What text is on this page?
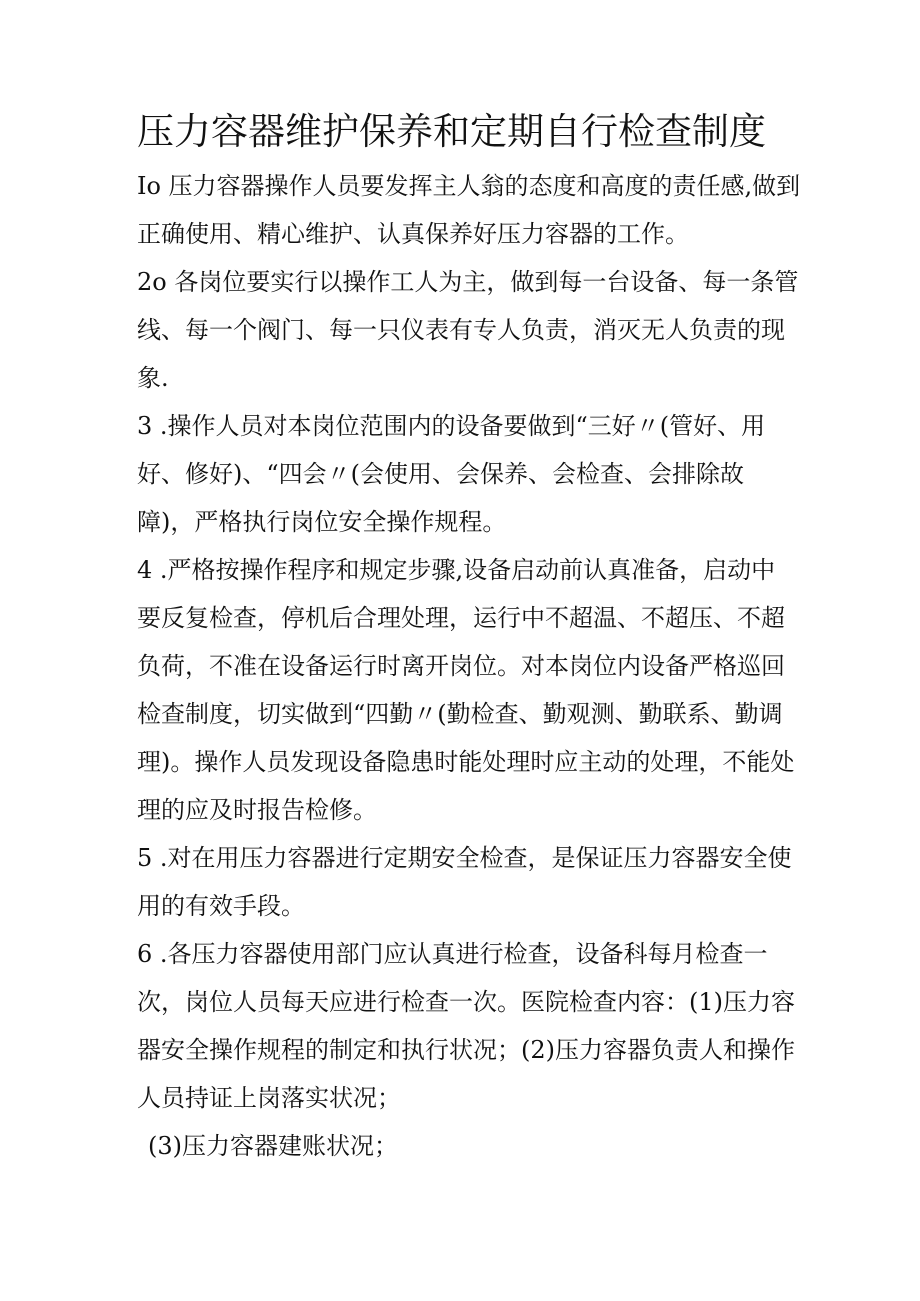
压力容器维护保养和定期自行检查制度

Io 压力容器操作人员要发挥主人翁的态度和高度的责任感,做到

正确使用、精心维护、认真保养好压力容器的工作。

2o 各岗位要实行以操作工人为主，做到每一台设备、每一条管

线、每一个阀门、每一只仪表有专人负责，消灭无人负责的现

象.

3 .操作人员对本岗位范围内的设备要做到“三好〃(管好、用

好、修好)、“四会〃(会使用、会保养、会检查、会排除故

障)，严格执行岗位安全操作规程。

4 .严格按操作程序和规定步骤,设备启动前认真准备，启动中

要反复检查，停机后合理处理，运行中不超温、不超压、不超

负荷，不准在设备运行时离开岗位。对本岗位内设备严格巡回

检查制度，切实做到“四勤〃(勤检查、勤观测、勤联系、勤调

理)。操作人员发现设备隐患时能处理时应主动的处理，不能处

理的应及时报告检修。

5 .对在用压力容器进行定期安全检查，是保证压力容器安全使

用的有效手段。

6 .各压力容器使用部门应认真进行检查，设备科每月检查一

次，岗位人员每天应进行检查一次。医院检查内容：(1)压力容

器安全操作规程的制定和执行状况；(2)压力容器负责人和操作

人员持证上岗落实状况；

(3)压力容器建账状况；
